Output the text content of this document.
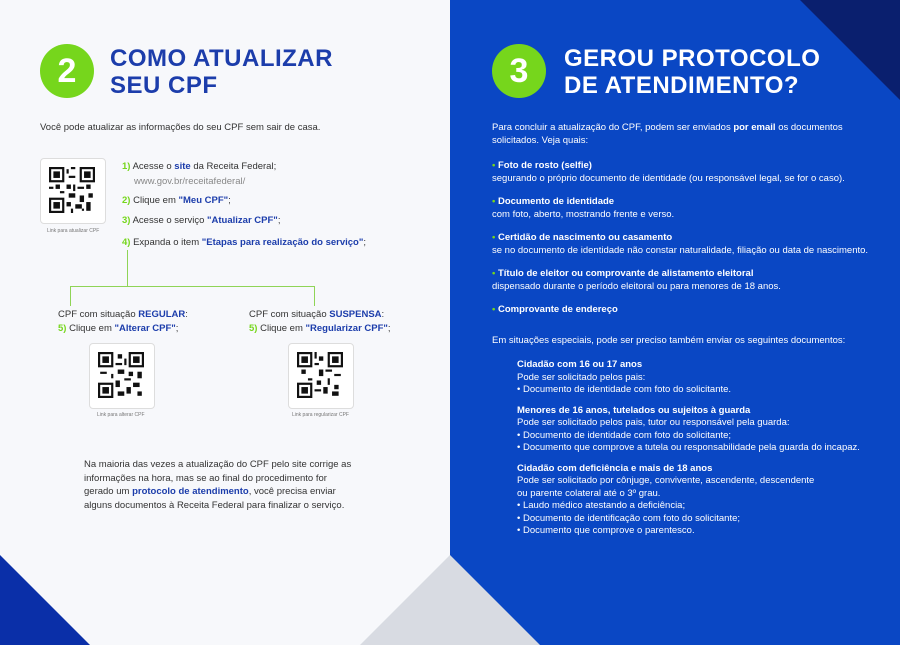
2	COMO ATUALIZAR
SEU CPF
Você pode atualizar as informações do seu CPF sem sair de casa.
Link para atualizar CPF
1) Acesse o site da Receita Federal;
www.gov.br/receitafederal/
2) Clique em "Meu CPF";
3) Acesse o serviço "Atualizar CPF";
4) Expanda o item "Etapas para realização do serviço";
CPF com situação REGULAR:
5) Clique em "Alterar CPF";
Link para alterar CPF
CPF com situação SUSPENSA:
5) Clique em "Regularizar CPF";
Link para regularizar CPF
Na maioria das vezes a atualização do CPF pelo site corrige as
informações na hora, mas se ao final do procedimento for
gerado um protocolo de atendimento, você precisa enviar
alguns documentos à Receita Federal para finalizar o serviço.
3	GEROU PROTOCOLO
DE ATENDIMENTO?
Para concluir a atualização do CPF, podem ser enviados por email os documentos
solicitados. Veja quais:
• Foto de rosto (selfie)
segurando o próprio documento de identidade (ou responsável legal, se for o caso).
• Documento de identidade
com foto, aberto, mostrando frente e verso.
• Certidão de nascimento ou casamento
se no documento de identidade não constar naturalidade, filiação ou data de nascimento.
• Título de eleitor ou comprovante de alistamento eleitoral
dispensado durante o período eleitoral ou para menores de 18 anos.
• Comprovante de endereço
Em situações especiais, pode ser preciso também enviar os seguintes documentos:
Cidadão com 16 ou 17 anos
Pode ser solicitado pelos pais:
• Documento de identidade com foto do solicitante.
Menores de 16 anos, tutelados ou sujeitos à guarda
Pode ser solicitado pelos pais, tutor ou responsável pela guarda:
• Documento de identidade com foto do solicitante;
• Documento que comprove a tutela ou responsabilidade pela guarda do incapaz.
Cidadão com deficiência e mais de 18 anos
Pode ser solicitado por cônjuge, convivente, ascendente, descendente
ou parente colateral até o 3º grau.
• Laudo médico atestando a deficiência;
• Documento de identificação com foto do solicitante;
• Documento que comprove o parentesco.
